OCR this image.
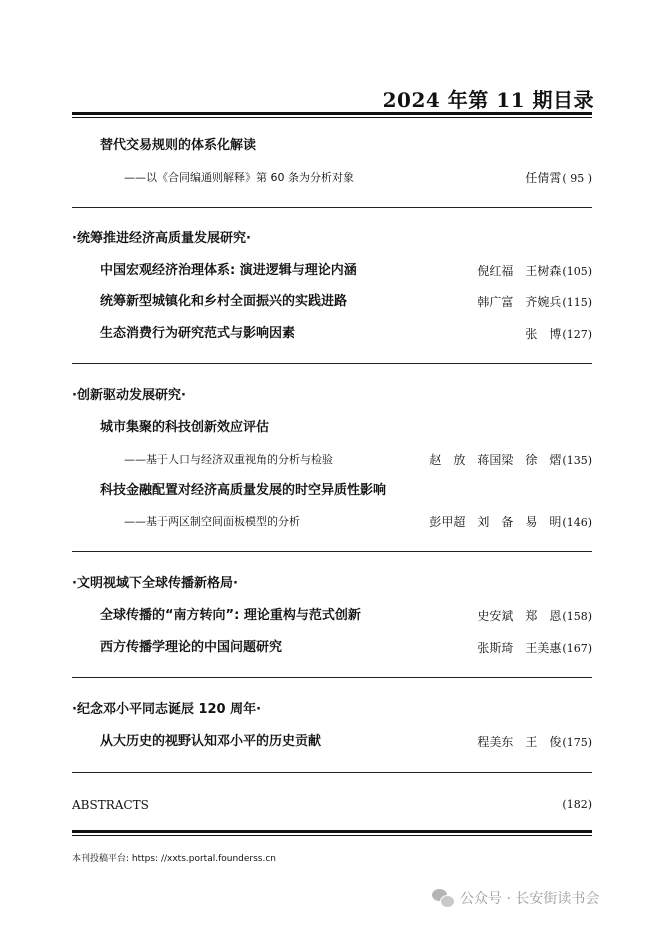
2024 年第 11 期目录
替代交易规则的体系化解读
——以《合同编通则解释》第 60 条为分析对象	任倩霄 ( 95 )
·统筹推进经济高质量发展研究·
中国宏观经济治理体系: 演进逻辑与理论内涵	倪红福　王树森 (105)
统筹新型城镇化和乡村全面振兴的实践进路	韩广富　齐婉兵 (115)
生态消费行为研究范式与影响因素	张　博 (127)
·创新驱动发展研究·
城市集聚的科技创新效应评估
——基于人口与经济双重视角的分析与检验	赵　放　蒋国梁　徐　熠 (135)
科技金融配置对经济高质量发展的时空异质性影响
——基于两区制空间面板模型的分析	彭甲超　刘　备　易　明 (146)
·文明视域下全球传播新格局·
全球传播的“南方转向”: 理论重构与范式创新	史安斌　郑　恩 (158)
西方传播学理论的中国问题研究	张斯琦　王美惠 (167)
·纪念邓小平同志诞辰 120 周年·
从大历史的视野认知邓小平的历史贡献	程美东　王　俊 (175)
ABSTRACTS	(182)
本刊投稿平台: https: //xxts.portal.founderss.cn
公众号 · 长安街读书会
